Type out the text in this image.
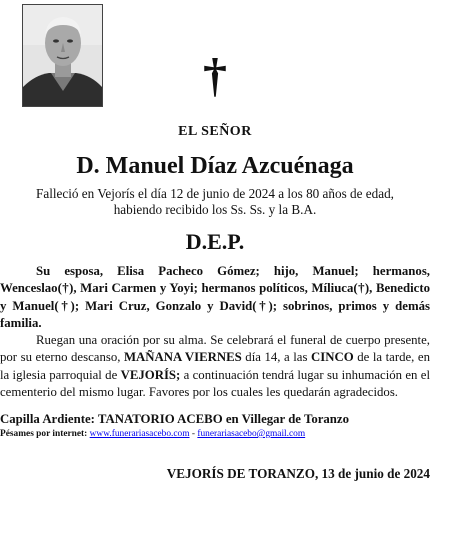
†
EL SEÑOR
D. Manuel Díaz Azcuénaga
Falleció en Vejorís el día 12 de junio de 2024 a los 80 años de edad,
habiendo recibido los Ss. Ss. y la B.A.
D.E.P.
Su esposa, Elisa Pacheco Gómez; hijo, Manuel; hermanos, Wenceslao(†), Mari Carmen y Yoyi; hermanos políticos, Míliuca(†), Benedicto y Manuel(†); Mari Cruz, Gonzalo y David(†); sobrinos, primos y demás familia.
Ruegan una oración por su alma. Se celebrará el funeral de cuerpo presente, por su eterno descanso, MAÑANA VIERNES día 14, a las CINCO de la tarde, en la iglesia parroquial de VEJORÍS; a continuación tendrá lugar su inhumación en el cementerio del mismo lugar. Favores por los cuales les quedarán agradecidos.
Capilla Ardiente: TANATORIO ACEBO en Villegar de Toranzo
Pésames por internet: www.funerariasacebo.com - funerariasacebo@gmail.com
VEJORÍS DE TORANZO, 13 de junio de 2024
